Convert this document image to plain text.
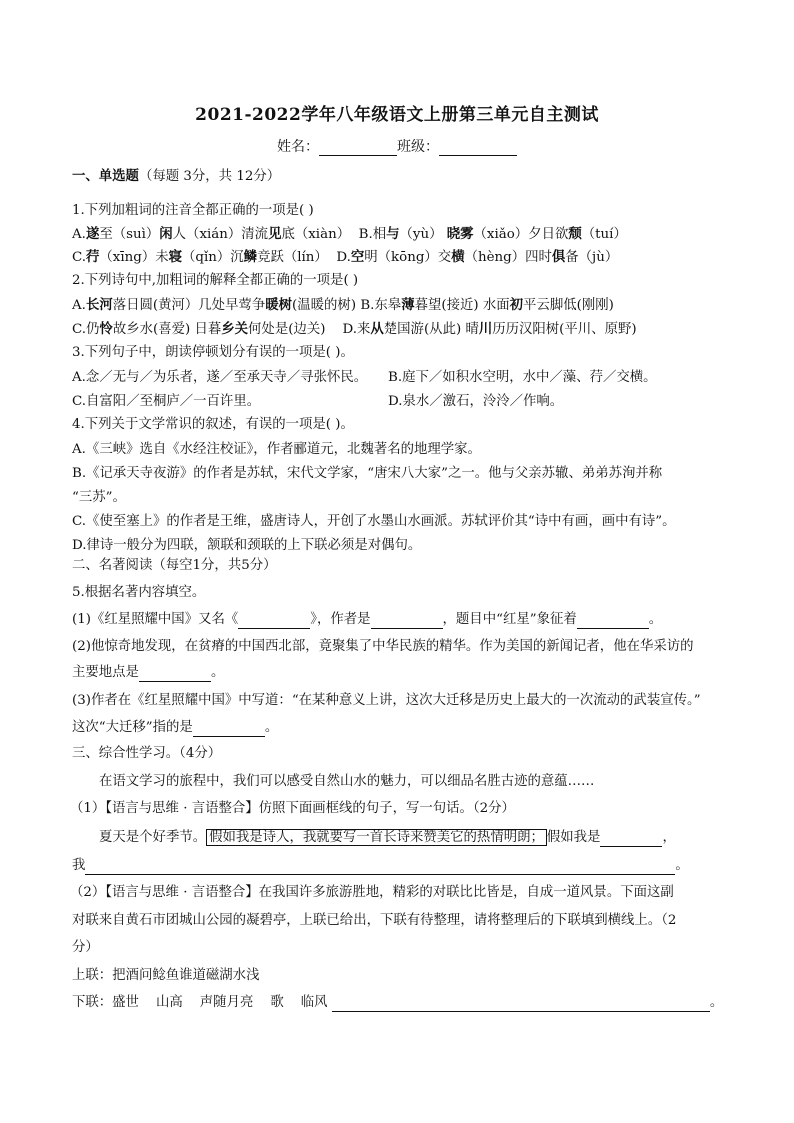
2021-2022学年八年级语文上册第三单元自主测试
姓名：	班级：
一、单选题（每题 3分，共 12分）
1.下列加粗词的注音全都正确的一项是( )
A.遂至（suì）闲人（xián）清流见底（xiàn） B.相与（yù） 晓雾（xiǎo）夕日欲颓（tuí）
C.荇（xīng）未寝（qǐn）沉鳞竞跃（lín） D.空明（kōng）交横（hèng）四时俱备（jù）
2.下列诗句中,加粗词的解释全都正确的一项是( )
A.长河落日圆(黄河）几处早莺争暖树(温暖的树) B.东皋薄暮望(接近) 水面初平云脚低(刚刚)
C.仍怜故乡水(喜爱) 日暮乡关何处是(边关) D.来从楚国游(从此) 晴川历历汉阳树(平川、原野)
3.下列句子中，朗读停顿划分有误的一项是( )。
A.念／无与／为乐者，遂／至承天寺／寻张怀民。 B.庭下／如积水空明，水中／藻、荇／交横。
C.自富阳／至桐庐／一百许里。	D.泉水／激石，泠泠／作响。
4.下列关于文学常识的叙述，有误的一项是( )。
A.《三峡》选自《水经注校证》，作者郦道元，北魏著名的地理学家。
B.《记承天寺夜游》的作者是苏轼，宋代文学家，“唐宋八大家”之一。他与父亲苏辙、弟弟苏洵并称
“三苏”。
C.《使至塞上》的作者是王维，盛唐诗人，开创了水墨山水画派。苏轼评价其“诗中有画，画中有诗”。
D.律诗一般分为四联，颔联和颈联的上下联必须是对偶句。
二、名著阅读（每空1分，共5分）
5.根据名著内容填空。
(1)《红星照耀中国》又名《	》，作者是	，题目中“红星”象征着	。
(2)他惊奇地发现，在贫瘠的中国西北部，竟聚集了中华民族的精华。作为美国的新闻记者，他在华采访的
主要地点是	。
(3)作者在《红星照耀中国》中写道：“在某种意义上讲，这次大迁移是历史上最大的一次流动的武装宣传。”
这次“大迁移”指的是	。
三、综合性学习。（4分）
在语文学习的旅程中，我们可以感受自然山水的魅力，可以细品名胜古迹的意蕴……
（1）【语言与思维 · 言语整合】仿照下面画框线的句子，写一句话。（2分）
夏天是个好季节。 假如我是诗人，我就要写一首长诗来赞美它的热情明朗； 假如我是	，
我	。
（2）【语言与思维 · 言语整合】在我国许多旅游胜地，精彩的对联比比皆是，自成一道风景。下面这副
对联来自黄石市团城山公园的凝碧亭，上联已给出，下联有待整理，请将整理后的下联填到横线上。（2
分）
上联：把酒问鲶鱼谁道磁湖水浅
下联：盛世    山高    声随月亮    歌    临风	。
